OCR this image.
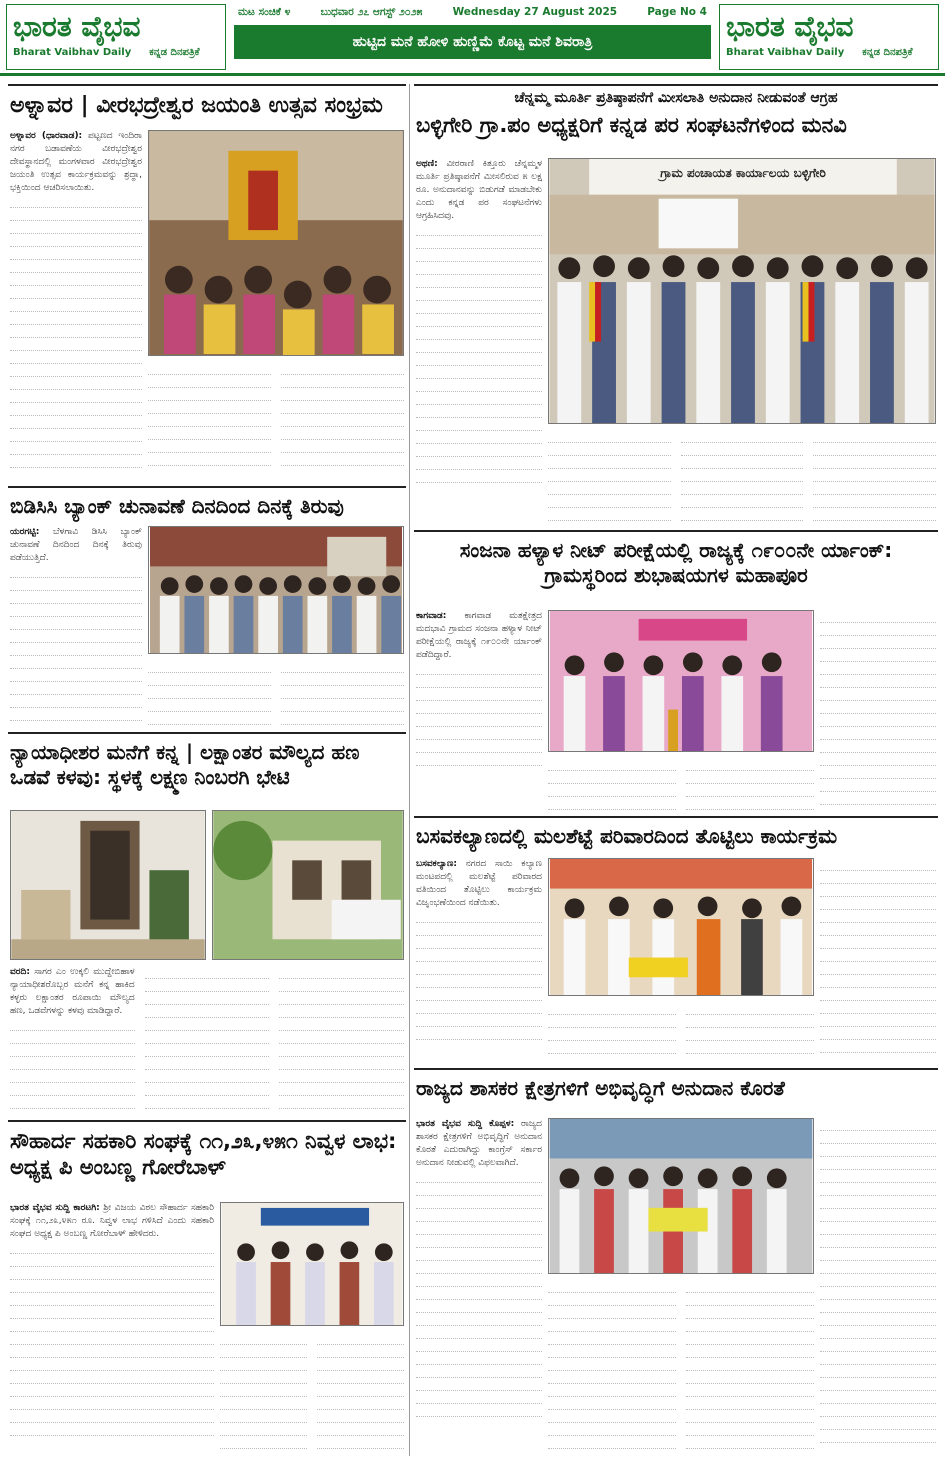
ಭಾರತ ವೈಭವ
Bharat Vaibhav Daily ಕನ್ನಡ ದಿನಪತ್ರಿಕೆ
ಮಟ ಸಂಚಿಕೆ ೪	ಬುಧವಾರ ೨೭ ಆಗಸ್ಟ್ ೨೦೨೫	Wednesday 27 August 2025	Page No 4
ಹುಟ್ಟಿದ ಮನೆ ಹೋಳಿ ಹುಣ್ಣಿಮೆ ಕೊಟ್ಟ ಮನೆ ಶಿವರಾತ್ರಿ	ಭಾರತ ವೈಭವ
Bharat Vaibhav Daily ಕನ್ನಡ ದಿನಪತ್ರಿಕೆ
ಅಳ್ನಾವರ | ವೀರಭದ್ರೇಶ್ವರ ಜಯಂತಿ ಉತ್ಸವ ಸಂಭ್ರಮ
ಅಳ್ನಾವರ (ಧಾರವಾಡ): ಪಟ್ಟಣದ ಇಂದಿರಾ ನಗರ ಬಡಾವಣೆಯ ವೀರಭದ್ರೇಶ್ವರ ದೇವಸ್ಥಾನದಲ್ಲಿ ಮಂಗಳವಾರ ವೀರಭದ್ರೇಶ್ವರ ಜಯಂತಿ ಉತ್ಸವ ಕಾರ್ಯಕ್ರಮವನ್ನು ಶ್ರದ್ಧಾ, ಭಕ್ತಿಯಿಂದ ಆಚರಿಸಲಾಯಿತು.
ಬಿಡಿಸಿಸಿ ಬ್ಯಾಂಕ್ ಚುನಾವಣೆ ದಿನದಿಂದ ದಿನಕ್ಕೆ ತಿರುವು
ಯರಗಟ್ಟಿ: ಬೆಳಗಾವಿ ಡಿಸಿಸಿ ಬ್ಯಾಂಕ್ ಚುನಾವಣೆ ದಿನದಿಂದ ದಿನಕ್ಕೆ ತಿರುವು ಪಡೆಯುತ್ತಿದೆ.
ನ್ಯಾಯಾಧೀಶರ ಮನೆಗೆ ಕನ್ನ | ಲಕ್ಷಾಂತರ ಮೌಲ್ಯದ ಹಣ ಒಡವೆ ಕಳವು: ಸ್ಥಳಕ್ಕೆ ಲಕ್ಷ್ಮಣ ನಿಂಬರಗಿ ಭೇಟಿ
ವರದಿ: ಸಾಗರ ಎಂ ಉಕ್ಕಲಿ ಮುದ್ದೇಬಿಹಾಳ ನ್ಯಾಯಾಧೀಶರೊಬ್ಬರ ಮನೆಗೆ ಕನ್ನ ಹಾಕಿದ ಕಳ್ಳರು ಲಕ್ಷಾಂತರ ರೂಪಾಯಿ ಮೌಲ್ಯದ ಹಣ, ಒಡವೆಗಳನ್ನು ಕಳವು ಮಾಡಿದ್ದಾರೆ.
ಸೌಹಾರ್ದ ಸಹಕಾರಿ ಸಂಘಕ್ಕೆ ೧೧,೨೩,೪೫೧ ನಿವ್ವಳ ಲಾಭ: ಅಧ್ಯಕ್ಷ ಪಿ ಅಂಬಣ್ಣ ಗೋರೆಬಾಳ್
ಭಾರತ ವೈಭವ ಸುದ್ದಿ ಕಾರಟಗಿ: ಶ್ರೀ ವಿಜಯ ವಿಠಲ ಸೌಹಾರ್ದ ಸಹಕಾರಿ ಸಂಘಕ್ಕೆ ೧೧,೨೩,೪೫೧ ರೂ. ನಿವ್ವಳ ಲಾಭ ಗಳಿಸಿದೆ ಎಂದು ಸಹಕಾರಿ ಸಂಘದ ಅಧ್ಯಕ್ಷ ಪಿ ಅಂಬಣ್ಣ ಗೋರೆಬಾಳ್ ಹೇಳಿದರು.
ಚೆನ್ನಮ್ಮ ಮೂರ್ತಿ ಪ್ರತಿಷ್ಠಾಪನೆಗೆ ಮೀಸಲಾತಿ ಅನುದಾನ ನೀಡುವಂತೆ ಆಗ್ರಹ
ಬಳ್ಳಿಗೇರಿ ಗ್ರಾ.ಪಂ ಅಧ್ಯಕ್ಷರಿಗೆ ಕನ್ನಡ ಪರ ಸಂಘಟನೆಗಳಿಂದ ಮನವಿ
ಗ್ರಾಮ ಪಂಚಾಯತ ಕಾರ್ಯಾಲಯ ಬಳ್ಳಿಗೇರಿ
ಅಥಣಿ: ವೀರರಾಣಿ ಕಿತ್ತೂರು ಚೆನ್ನಮ್ಮಳ ಮೂರ್ತಿ ಪ್ರತಿಷ್ಠಾಪನೆಗೆ ಮೀಸಲಿರುವ ೫ ಲಕ್ಷ ರೂ. ಅನುದಾನವನ್ನು ಬಿಡುಗಡೆ ಮಾಡಬೇಕು ಎಂದು ಕನ್ನಡ ಪರ ಸಂಘಟನೆಗಳು ಆಗ್ರಹಿಸಿದವು.
ಸಂಜನಾ ಹಳ್ಯಾಳ ನೀಟ್ ಪರೀಕ್ಷೆಯಲ್ಲಿ ರಾಜ್ಯಕ್ಕೆ ೧೯೦೦ನೇ ರ್ಯಾಂಕ್: ಗ್ರಾಮಸ್ಥರಿಂದ ಶುಭಾಷಯಗಳ ಮಹಾಪೂರ
ಕಾಗವಾಡ: ಕಾಗವಾಡ ಮತಕ್ಷೇತ್ರದ ಮದಭಾವಿ ಗ್ರಾಮದ ಸಂಜನಾ ಹಳ್ಯಾಳ ನೀಟ್ ಪರೀಕ್ಷೆಯಲ್ಲಿ ರಾಜ್ಯಕ್ಕೆ ೧೯೦೦ನೇ ರ್ಯಾಂಕ್ ಪಡೆದಿದ್ದಾರೆ.
ಬಸವಕಲ್ಯಾಣದಲ್ಲಿ ಮಲಶೆಟ್ಟೆ ಪರಿವಾರದಿಂದ ತೊಟ್ಟಿಲು ಕಾರ್ಯಕ್ರಮ
ಬಸವಕಲ್ಯಾಣ: ನಗರದ ಸಾಯಿ ಕಲ್ಯಾಣ ಮಂಟಪದಲ್ಲಿ ಮಲಶೆಟ್ಟೆ ಪರಿವಾರದ ವತಿಯಿಂದ ತೊಟ್ಟಿಲು ಕಾರ್ಯಕ್ರಮ ವಿಜೃಂಭಣೆಯಿಂದ ನಡೆಯಿತು.
ರಾಜ್ಯದ ಶಾಸಕರ ಕ್ಷೇತ್ರಗಳಿಗೆ ಅಭಿವೃದ್ಧಿಗೆ ಅನುದಾನ ಕೊರತೆ
ಭಾರತ ವೈಭವ ಸುದ್ದಿ ಕೊಪ್ಪಳ: ರಾಜ್ಯದ ಶಾಸಕರ ಕ್ಷೇತ್ರಗಳಿಗೆ ಅಭಿವೃದ್ಧಿಗೆ ಅನುದಾನ ಕೊರತೆ ಎದುರಾಗಿದ್ದು ಕಾಂಗ್ರೆಸ್ ಸರ್ಕಾರ ಅನುದಾನ ನೀಡುವಲ್ಲಿ ವಿಫಲವಾಗಿದೆ.
